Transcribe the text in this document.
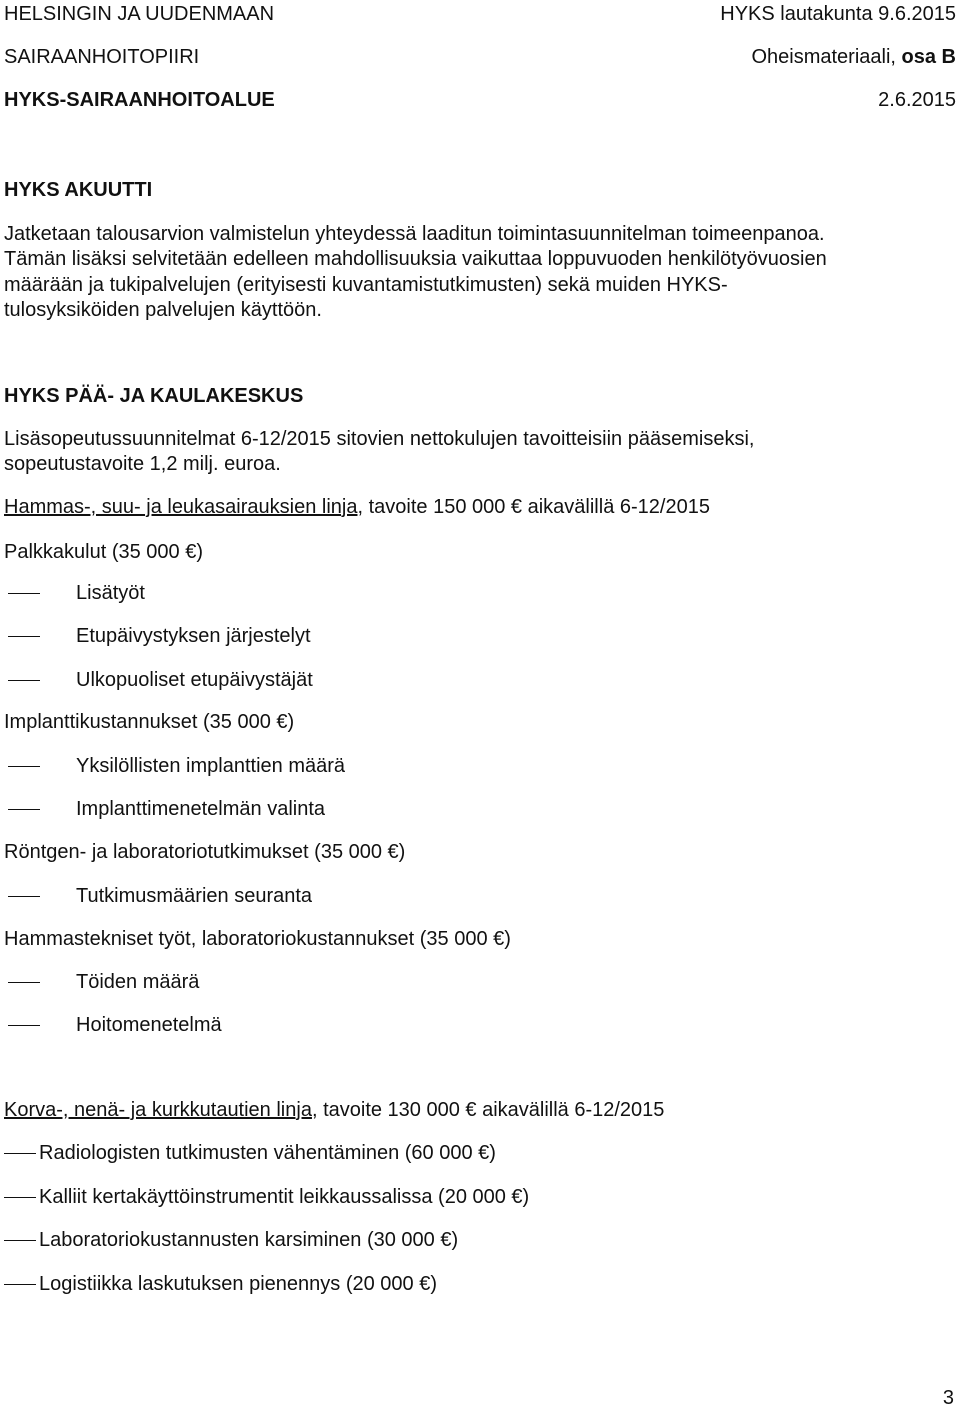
HELSINGIN JA UUDENMAAN
SAIRAANHOITOPIIRI
HYKS-SAIRAANHOITOALUE
HYKS lautakunta 9.6.2015
Oheismateriaali, osa B
2.6.2015
HYKS AKUUTTI
Jatketaan talousarvion valmistelun yhteydessä laaditun toimintasuunnitelman toimeenpanoa.
Tämän lisäksi selvitetään edelleen mahdollisuuksia vaikuttaa loppuvuoden henkilötyövuosien
määrään ja tukipalvelujen (erityisesti kuvantamistutkimusten) sekä muiden HYKS-
tulosyksiköiden palvelujen käyttöön.
HYKS PÄÄ- JA KAULAKESKUS
Lisäsopeutussuunnitelmat 6-12/2015 sitovien nettokulujen tavoitteisiin pääsemiseksi,
sopeutustavoite 1,2 milj. euroa.
Hammas-, suu- ja leukasairauksien linja, tavoite 150 000 € aikavälillä 6-12/2015
Palkkakulut (35 000 €)
Lisätyöt
Etupäivystyksen järjestelyt
Ulkopuoliset etupäivystäjät
Implanttikustannukset (35 000 €)
Yksilöllisten implanttien määrä
Implanttimenetelmän valinta
Röntgen- ja laboratoriotutkimukset (35 000 €)
Tutkimusmäärien seuranta
Hammastekniset työt, laboratoriokustannukset (35 000 €)
Töiden määrä
Hoitomenetelmä
Korva-, nenä- ja kurkkutautien linja, tavoite 130 000 € aikavälillä 6-12/2015
Radiologisten tutkimusten vähentäminen (60 000 €)
Kalliit kertakäyttöinstrumentit leikkaussalissa (20 000 €)
Laboratoriokustannusten karsiminen (30 000 €)
Logistiikka laskutuksen pienennys (20 000 €)
3
